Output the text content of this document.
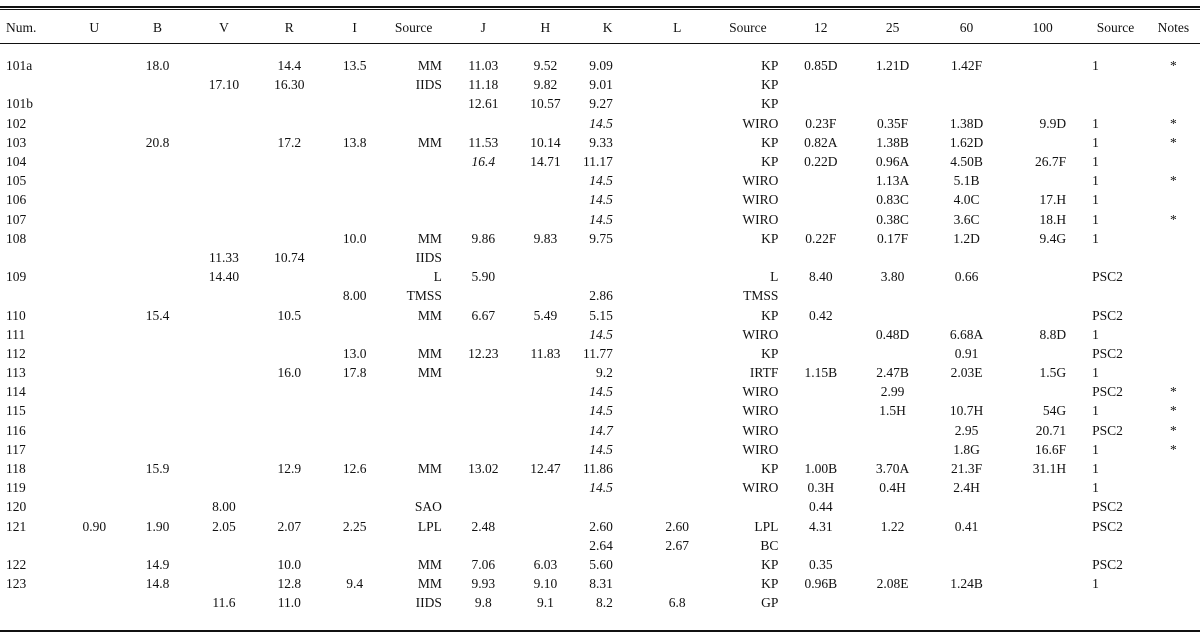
Num.	U	B	V	R	I	Source	J	H	K	L	Source	12	25	60	100	Source	Notes
101a		18.0		14.4	13.5	MM	11.03	9.52	9.09		KP	0.85D	1.21D	1.42F		1	*
			17.10	16.30		IIDS	11.18	9.82	9.01		KP						
101b							12.61	10.57	9.27		KP						
102									14.5		WIRO	0.23F	0.35F	1.38D	9.9D	1	*
103		20.8		17.2	13.8	MM	11.53	10.14	9.33		KP	0.82A	1.38B	1.62D		1	*
104							16.4	14.71	11.17		KP	0.22D	0.96A	4.50B	26.7F	1	
105									14.5		WIRO		1.13A	5.1B		1	*
106									14.5		WIRO		0.83C	4.0C	17.H	1	
107									14.5		WIRO		0.38C	3.6C	18.H	1	*
108					10.0	MM	9.86	9.83	9.75		KP	0.22F	0.17F	1.2D	9.4G	1	
			11.33	10.74		IIDS											
109			14.40			L	5.90				L	8.40	3.80	0.66		PSC2	
					8.00	TMSS			2.86		TMSS						
110		15.4		10.5		MM	6.67	5.49	5.15		KP	0.42				PSC2	
111									14.5		WIRO		0.48D	6.68A	8.8D	1	
112					13.0	MM	12.23	11.83	11.77		KP			0.91		PSC2	
113				16.0	17.8	MM			9.2		IRTF	1.15B	2.47B	2.03E	1.5G	1	
114									14.5		WIRO		2.99			PSC2	*
115									14.5		WIRO		1.5H	10.7H	54G	1	*
116									14.7		WIRO			2.95	20.71	PSC2	*
117									14.5		WIRO			1.8G	16.6F	1	*
118		15.9		12.9	12.6	MM	13.02	12.47	11.86		KP	1.00B	3.70A	21.3F	31.1H	1	
119									14.5		WIRO	0.3H	0.4H	2.4H		1	
120			8.00			SAO						0.44				PSC2	
121	0.90	1.90	2.05	2.07	2.25	LPL	2.48		2.60	2.60	LPL	4.31	1.22	0.41		PSC2	
									2.64	2.67	BC						
122		14.9		10.0		MM	7.06	6.03	5.60		KP	0.35				PSC2	
123		14.8		12.8	9.4	MM	9.93	9.10	8.31		KP	0.96B	2.08E	1.24B		1	
			11.6	11.0		IIDS	9.8	9.1	8.2	6.8	GP						
